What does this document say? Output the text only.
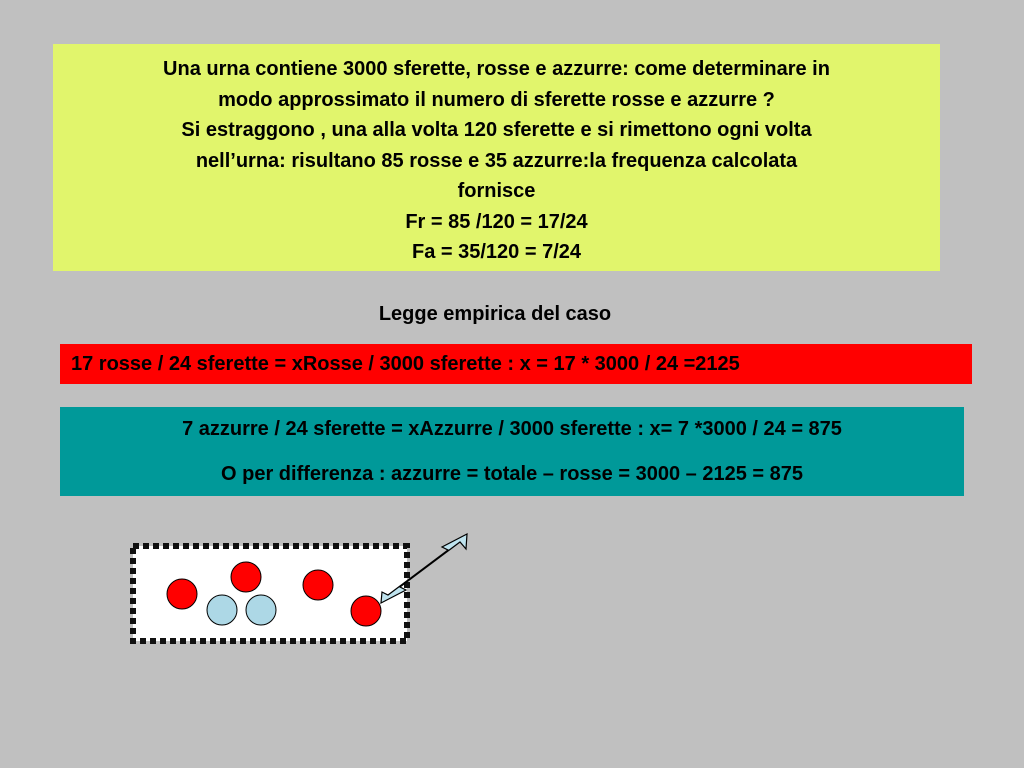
Una urna contiene 3000 sferette, rosse e azzurre: come determinare in
modo approssimato il numero di sferette rosse e azzurre ?
Si estraggono , una alla volta 120 sferette e si rimettono ogni volta
nell’urna: risultano 85 rosse e 35 azzurre:la frequenza calcolata
fornisce
Fr = 85 /120 = 17/24
Fa = 35/120 = 7/24
Legge empirica del caso
17 rosse / 24 sferette = xRosse / 3000 sferette : x = 17 * 3000 / 24 =2125
7 azzurre / 24 sferette = xAzzurre / 3000 sferette : x= 7 *3000 / 24 = 875
O per differenza : azzurre = totale – rosse = 3000 – 2125 = 875
